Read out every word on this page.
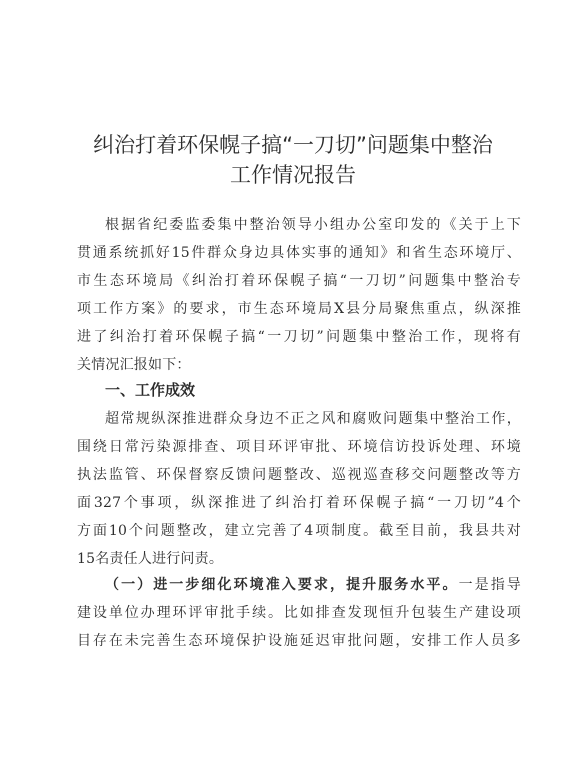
纠治打着环保幌子搞“一刀切”问题集中整治
工作情况报告
根据省纪委监委集中整治领导小组办公室印发的《关于上下
贯通系统抓好15件群众身边具体实事的通知》和省生态环境厅、
市生态环境局《纠治打着环保幌子搞“一刀切”问题集中整治专
项工作方案》的要求，市生态环境局X县分局聚焦重点，纵深推
进了纠治打着环保幌子搞“一刀切”问题集中整治工作，现将有
关情况汇报如下：
一、工作成效
超常规纵深推进群众身边不正之风和腐败问题集中整治工作，
围绕日常污染源排查、项目环评审批、环境信访投诉处理、环境
执法监管、环保督察反馈问题整改、巡视巡查移交问题整改等方
面327个事项，纵深推进了纠治打着环保幌子搞“一刀切”4个
方面10个问题整改，建立完善了4项制度。截至目前，我县共对
15名责任人进行问责。
（一）进一步细化环境准入要求，提升服务水平。一是指导
建设单位办理环评审批手续。比如排查发现恒升包装生产建设项
目存在未完善生态环境保护设施延迟审批问题，安排工作人员多
